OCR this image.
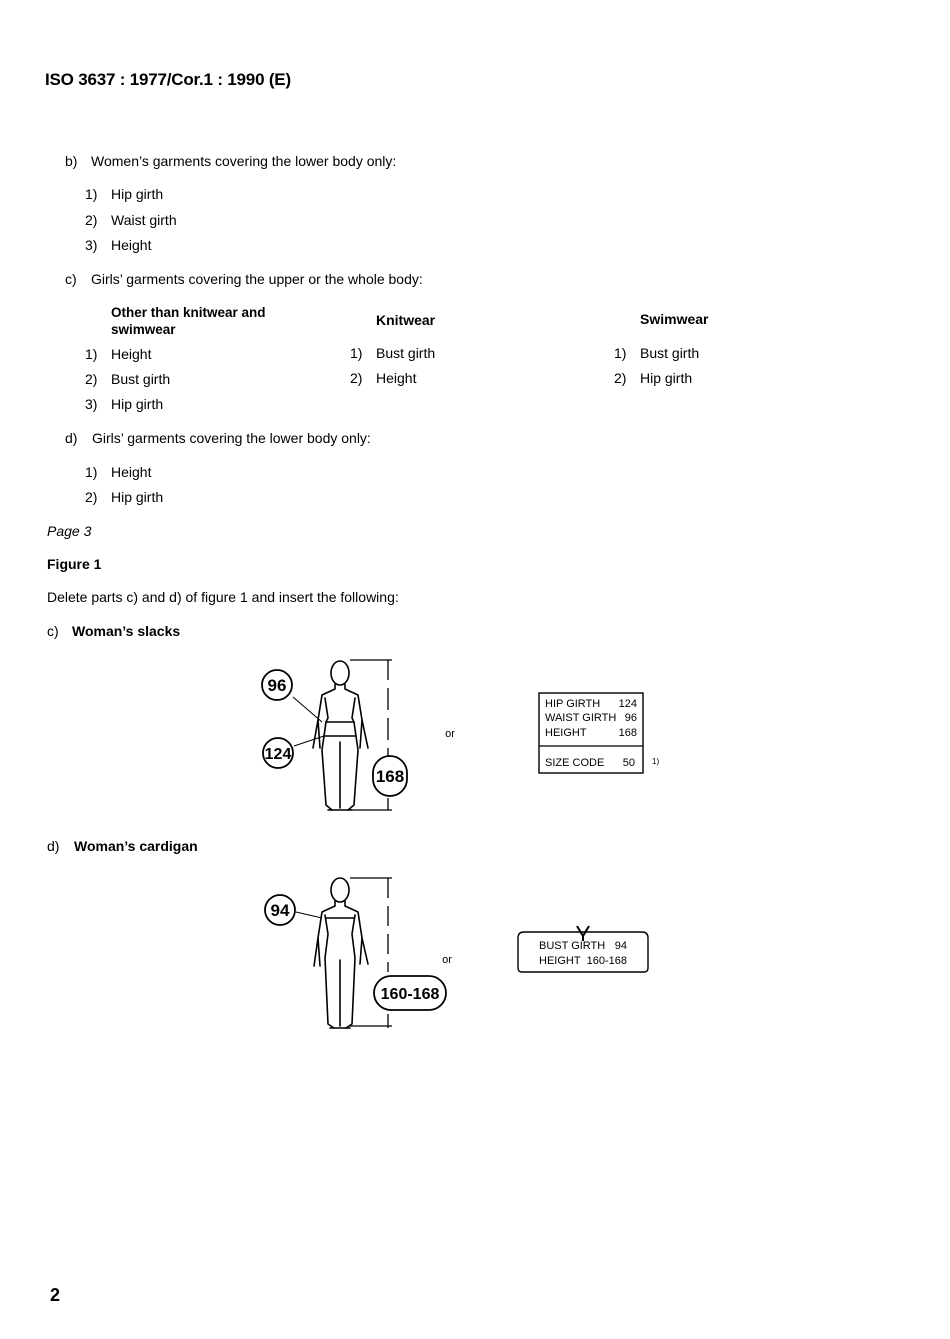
ISO 3637 : 1977/Cor.1 : 1990 (E)
b) Women’s garments covering the lower body only:
1) Hip girth
2) Waist girth
3) Height
c) Girls’ garments covering the upper or the whole body:
Other than knitwear and swimwear
Knitwear	Swimwear
1) Height
2) Bust girth
3) Hip girth
1) Bust girth
2) Height
1) Bust girth
2) Hip girth
d) Girls’ garments covering the lower body only:
1) Height
2) Hip girth
Page 3
Figure 1
Delete parts c) and d) of figure 1 and insert the following:
c) Woman’s slacks
96
124
168
or
HIP GIRTH 124
WAIST GIRTH 96
HEIGHT	168
SIZE CODE 50 1)
d) Woman’s cardigan
94
160-168
or
BUST GIRTH 94
HEIGHT 160-168
2
